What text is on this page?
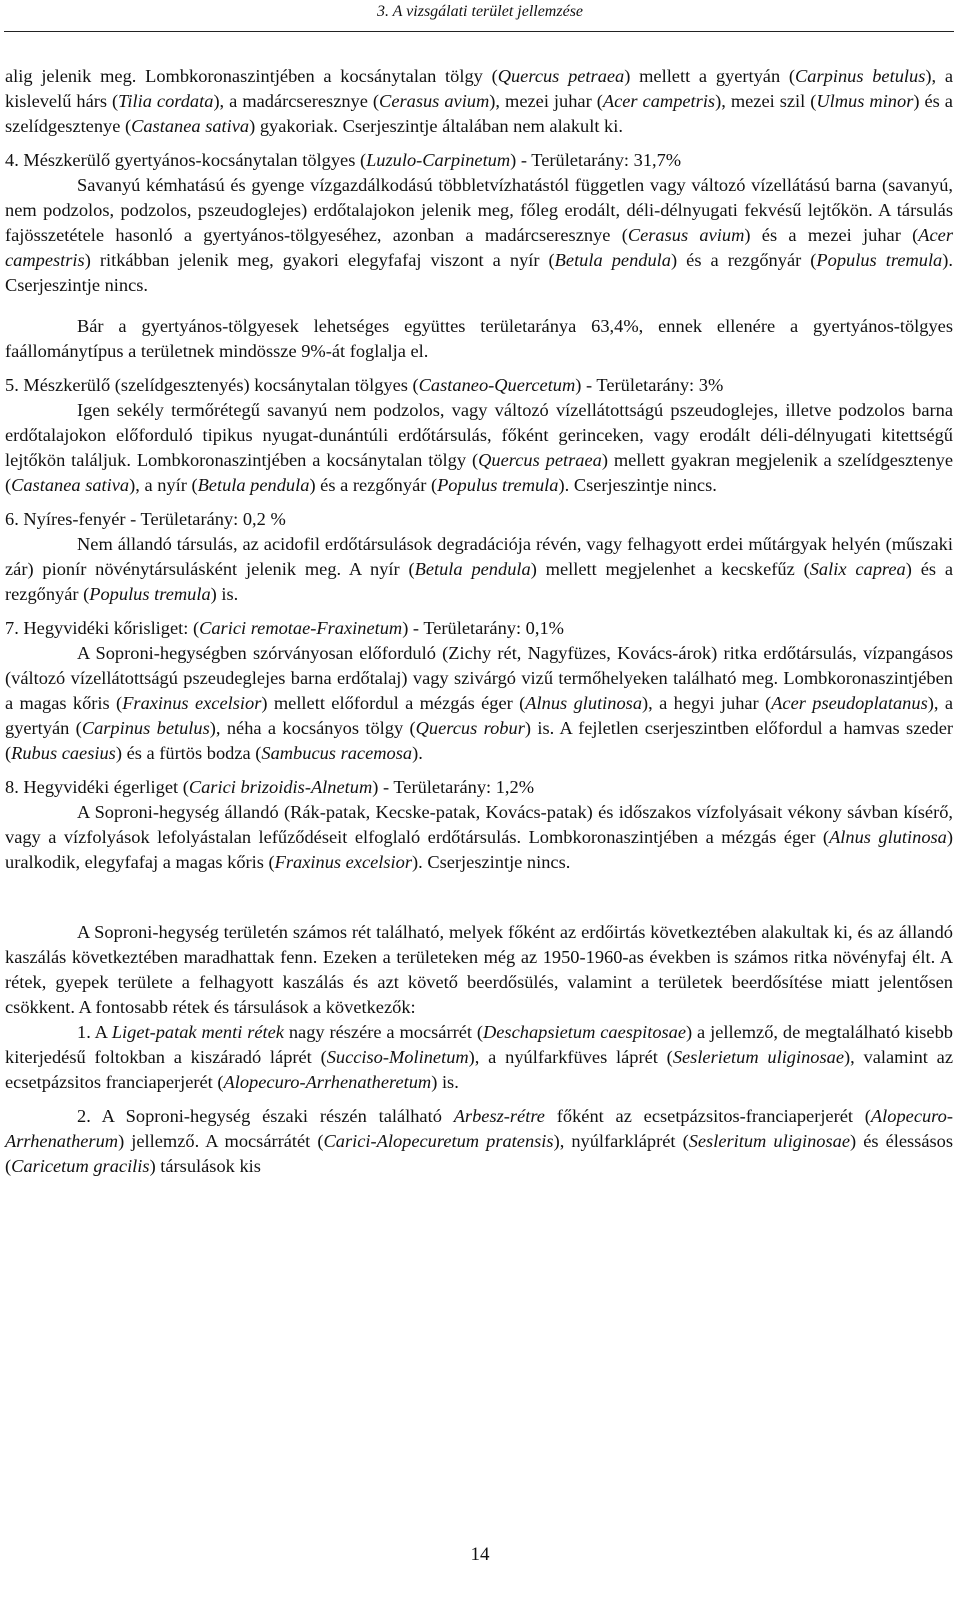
3. A vizsgálati terület jellemzése

alig jelenik meg. Lombkoronaszintjében a kocsánytalan tölgy (Quercus petraea) mellett a gyertyán (Carpinus betulus), a kislevelű hárs (Tilia cordata), a madárcseresznye (Cerasus avium), mezei juhar (Acer campetris), mezei szil (Ulmus minor) és a szelídgesztenye (Castanea sativa) gyakoriak. Cserjeszintje általában nem alakult ki.

4. Mészkerülő gyertyános-kocsánytalan tölgyes (Luzulo-Carpinetum) - Területarány: 31,7%

Savanyú kémhatású és gyenge vízgazdálkodású többletvízhatástól független vagy változó vízellátású barna (savanyú, nem podzolos, podzolos, pszeudoglejes) erdőtalajokon jelenik meg, főleg erodált, déli-délnyugati fekvésű lejtőkön. A társulás fajösszetétele hasonló a gyertyános-tölgyeséhez, azonban a madárcseresznye (Cerasus avium) és a mezei juhar (Acer campestris) ritkábban jelenik meg, gyakori elegyfafaj viszont a nyír (Betula pendula) és a rezgőnyár (Populus tremula). Cserjeszintje nincs.

Bár a gyertyános-tölgyesek lehetséges együttes területaránya 63,4%, ennek ellenére a gyertyános-tölgyes faállománytípus a területnek mindössze 9%-át foglalja el.

5. Mészkerülő (szelídgesztenyés) kocsánytalan tölgyes (Castaneo-Quercetum) - Területarány: 3%

Igen sekély termőrétegű savanyú nem podzolos, vagy változó vízellátottságú pszeudoglejes, illetve podzolos barna erdőtalajokon előforduló tipikus nyugat-dunántúli erdőtársulás, főként gerinceken, vagy erodált déli-délnyugati kitettségű lejtőkön találjuk. Lombkoronaszintjében a kocsánytalan tölgy (Quercus petraea) mellett gyakran megjelenik a szelídgesztenye (Castanea sativa), a nyír (Betula pendula) és a rezgőnyár (Populus tremula). Cserjeszintje nincs.

6. Nyíres-fenyér - Területarány: 0,2 %

Nem állandó társulás, az acidofil erdőtársulások degradációja révén, vagy felhagyott erdei műtárgyak helyén (műszaki zár) pionír növénytársulásként jelenik meg. A nyír (Betula pendula) mellett megjelenhet a kecskefűz (Salix caprea) és a rezgőnyár (Populus tremula) is.

7. Hegyvidéki kőrisliget: (Carici remotae-Fraxinetum) - Területarány: 0,1%

A Soproni-hegységben szórványosan előforduló (Zichy rét, Nagyfüzes, Kovács-árok) ritka erdőtársulás, vízpangásos (változó vízellátottságú pszeudeglejes barna erdőtalaj) vagy szivárgó vizű termőhelyeken található meg. Lombkoronaszintjében a magas kőris (Fraxinus excelsior) mellett előfordul a mézgás éger (Alnus glutinosa), a hegyi juhar (Acer pseudoplatanus), a gyertyán (Carpinus betulus), néha a kocsányos tölgy (Quercus robur) is. A fejletlen cserjeszintben előfordul a hamvas szeder (Rubus caesius) és a fürtös bodza (Sambucus racemosa).

8. Hegyvidéki égerliget (Carici brizoidis-Alnetum) - Területarány: 1,2%

A Soproni-hegység állandó (Rák-patak, Kecske-patak, Kovács-patak) és időszakos vízfolyásait vékony sávban kísérő, vagy a vízfolyások lefolyástalan lefűződéseit elfoglaló erdőtársulás. Lombkoronaszintjében a mézgás éger (Alnus glutinosa) uralkodik, elegyfafaj a magas kőris (Fraxinus excelsior). Cserjeszintje nincs.

A Soproni-hegység területén számos rét található, melyek főként az erdőirtás következtében alakultak ki, és az állandó kaszálás következtében maradhattak fenn. Ezeken a területeken még az 1950-1960-as években is számos ritka növényfaj élt. A rétek, gyepek területe a felhagyott kaszálás és azt követő beerdősülés, valamint a területek beerdősítése miatt jelentősen csökkent. A fontosabb rétek és társulások a következők:

1. A Liget-patak menti rétek nagy részére a mocsárrét (Deschapsietum caespitosae) a jellemző, de megtalálható kisebb kiterjedésű foltokban a kiszáradó láprét (Succiso-Molinetum), a nyúlfarkfüves láprét (Seslerietum uliginosae), valamint az ecsetpázsitos franciaperjerét (Alopecuro-Arrhenatheretum) is.

2. A Soproni-hegység északi részén található Arbesz-rétre főként az ecsetpázsitos-franciaperjerét (Alopecuro-Arrhenatherum) jellemző. A mocsárrátét (Carici-Alopecuretum pratensis), nyúlfarkláprét (Sesleritum uliginosae) és élessásos (Caricetum gracilis) társulások kis

14
